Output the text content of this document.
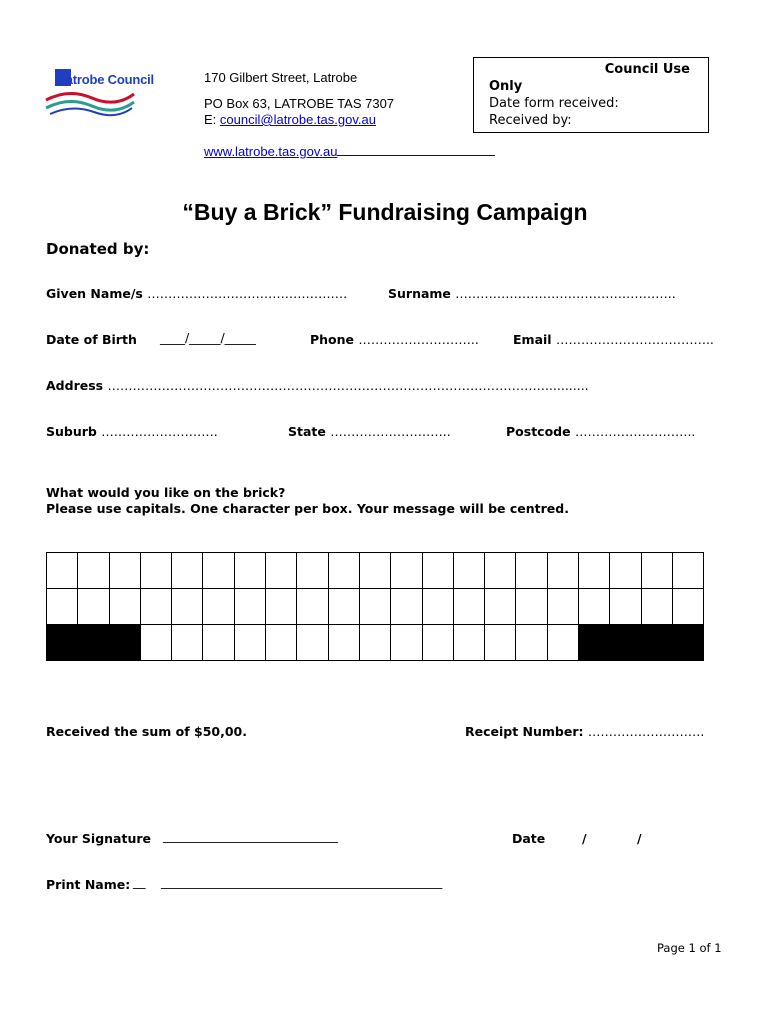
Latrobe Council	170 Gilbert Street, Latrobe
PO Box 63, LATROBE TAS 7307
E: council@latrobe.tas.gov.au
www.latrobe.tas.gov.au
Council Use
Only
Date form received:
Received by:
“Buy a Brick” Fundraising Campaign
Donated by:
Given Name/s …………………………………………	Surname ……………………………………………..
Date of Birth ____/_____/_____	Phone ………………………..	Email ………………………………..
Address ……………………………………………………………………………………………...........
Suburb ……………………….	State ………………………..	Postcode ………………………..
What would you like on the brick?
Please use capitals. One character per box. Your message will be centred.

Received the sum of $50,00.	Receipt Number: ……………………….
Your Signature ____________________________	Date	/	/
Print Name: __ _____________________________________________
Page 1 of 1
